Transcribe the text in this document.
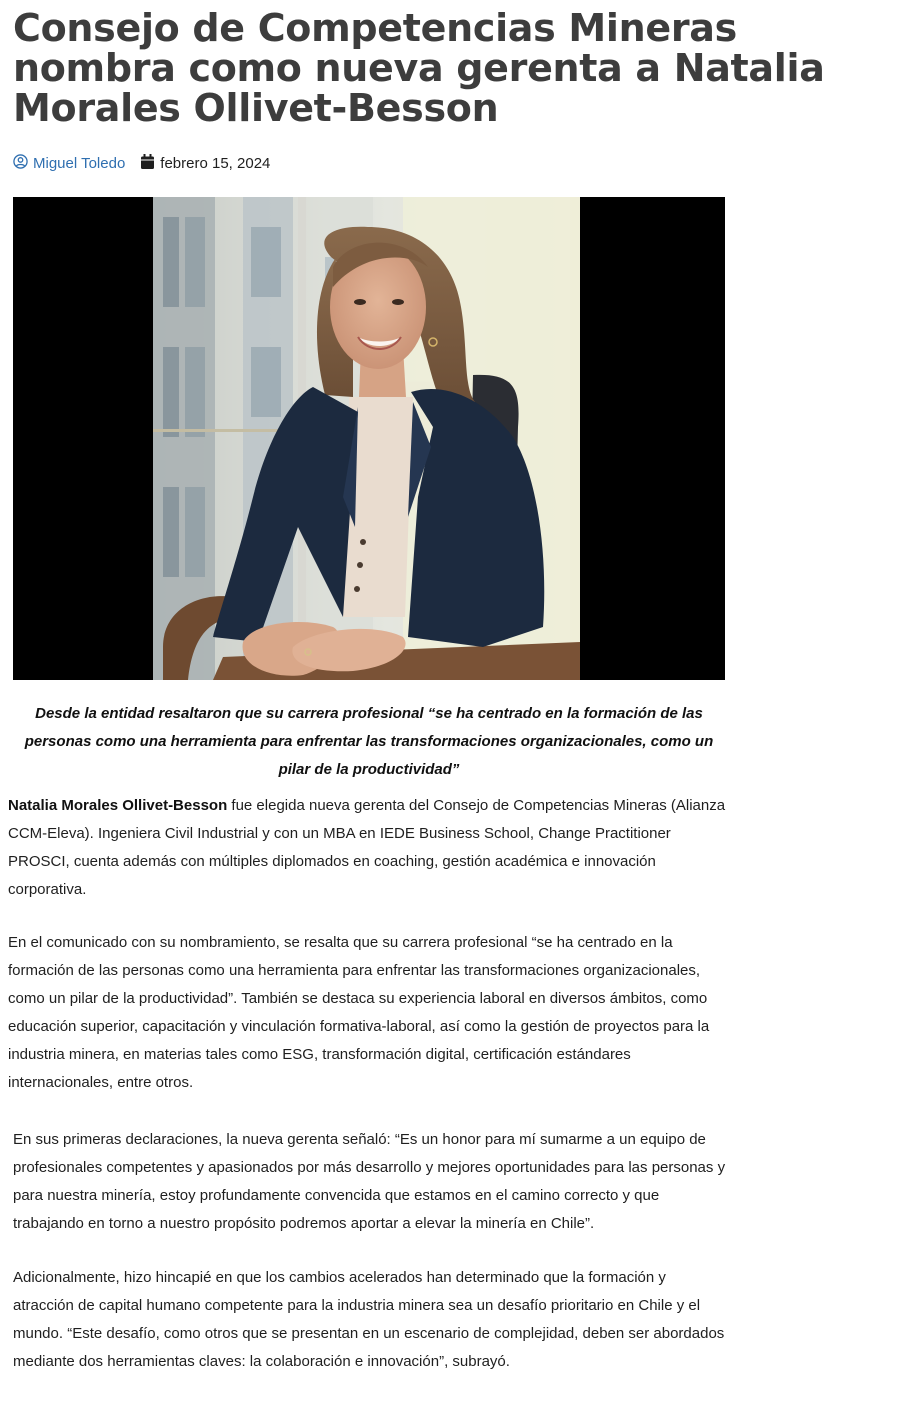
Consejo de Competencias Mineras nombra como nueva gerenta a Natalia Morales Ollivet-Besson
Miguel Toledo febrero 15, 2024

Desde la entidad resaltaron que su carrera profesional “se ha centrado en la formación de las personas como una herramienta para enfrentar las transformaciones organizacionales, como un pilar de la productividad”

Natalia Morales Ollivet-Besson fue elegida nueva gerenta del Consejo de Competencias Mineras (Alianza CCM-Eleva). Ingeniera Civil Industrial y con un MBA en IEDE Business School, Change Practitioner PROSCI, cuenta además con múltiples diplomados en coaching, gestión académica e innovación corporativa.

En el comunicado con su nombramiento, se resalta que su carrera profesional “se ha centrado en la formación de las personas como una herramienta para enfrentar las transformaciones organizacionales, como un pilar de la productividad”. También se destaca su experiencia laboral en diversos ámbitos, como educación superior, capacitación y vinculación formativa-laboral, así como la gestión de proyectos para la industria minera, en materias tales como ESG, transformación digital, certificación estándares internacionales, entre otros.

En sus primeras declaraciones, la nueva gerenta señaló: “Es un honor para mí sumarme a un equipo de profesionales competentes y apasionados por más desarrollo y mejores oportunidades para las personas y para nuestra minería, estoy profundamente convencida que estamos en el camino correcto y que trabajando en torno a nuestro propósito podremos aportar a elevar la minería en Chile”.

Adicionalmente, hizo hincapié en que los cambios acelerados han determinado que la formación y atracción de capital humano competente para la industria minera sea un desafío prioritario en Chile y el mundo. “Este desafío, como otros que se presentan en un escenario de complejidad, deben ser abordados mediante dos herramientas claves: la colaboración e innovación”, subrayó.
